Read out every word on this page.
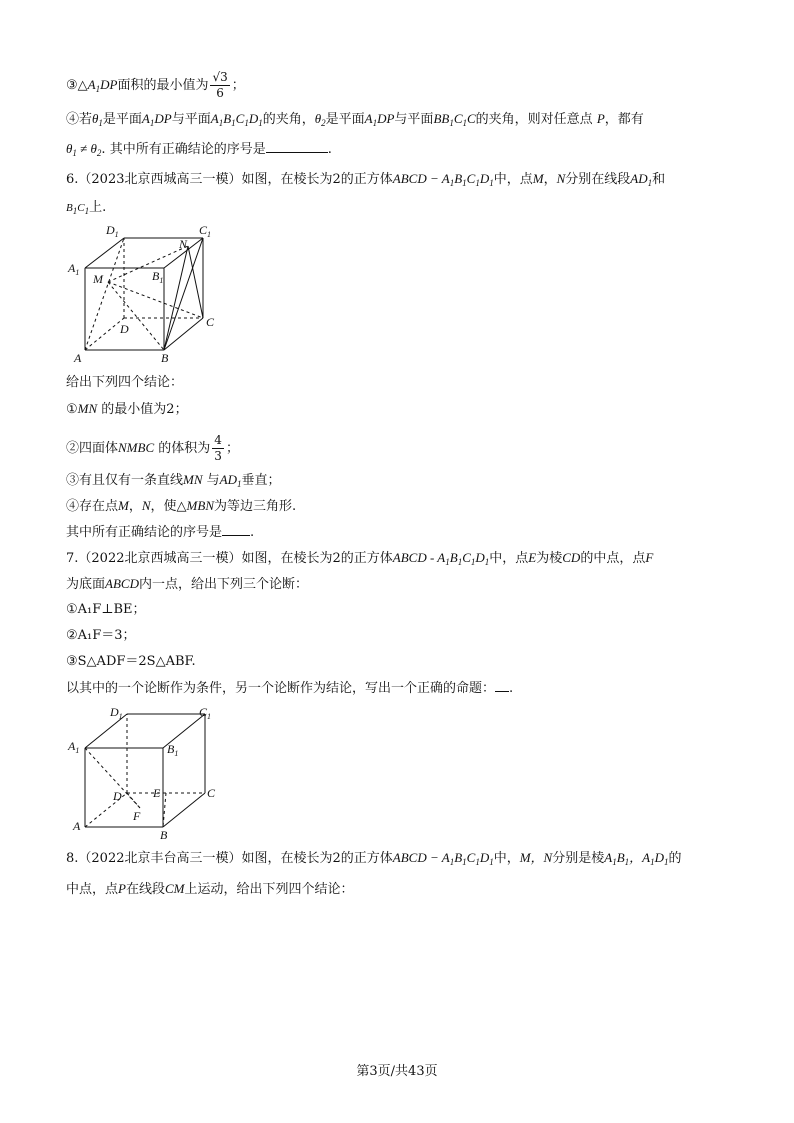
$③\triangle A_1DP$面积的最小值为 $\frac{√3}{6}$ ；
④若$\theta_1$是平面$A_1DP$与平面$A_1B_1C_1D_1$的夹角，$\theta_2$是平面$A_1DP$与平面$BB_1C_1C$的夹角，则对任意点 P，都有
$\theta_1 \ne \theta_2$. 其中所有正确结论的序号是	.
6.（2023北京西城高三一模）如图，在棱长为2的正方体ABCD − $A_1B_1C_1D_1$中，点M，N分别在线段$AD_1$和
$B_1C_1$上.
$D_1$	$C_1$
$A_1$	$B_1$
M
N
D	C
A	B
给出下列四个结论：
①MN 的最小值为2；
②四面体NMBC 的体积为 $\frac{4}{3}$ ；
③有且仅有一条直线MN 与$AD_1$垂直；
④存在点M，N，使△MBN为等边三角形.
其中所有正确结论的序号是 .
7.（2022北京西城高三一模）如图，在棱长为2的正方体ABCD - $A_1B_1C_1D_1$中，点E为棱CD的中点，点F
为底面ABCD内一点，给出下列三个论断：
①A₁F⊥BE；
②A₁F＝3；
③S△ADF＝2S△ABF.
以其中的一个论断作为条件，另一个论断作为结论，写出一个正确的命题： .
$D_1$	$C_1$
$A_1$	$B_1$
D	E	C
F
A
B
8.（2022北京丰台高三一模）如图，在棱长为2的正方体ABCD − $A_1B_1C_1D_1$中，M，N分别是棱$A_1B_1$，$A_1D_1$的
中点，点P在线段CM上运动，给出下列四个结论：
第3页/共43页
